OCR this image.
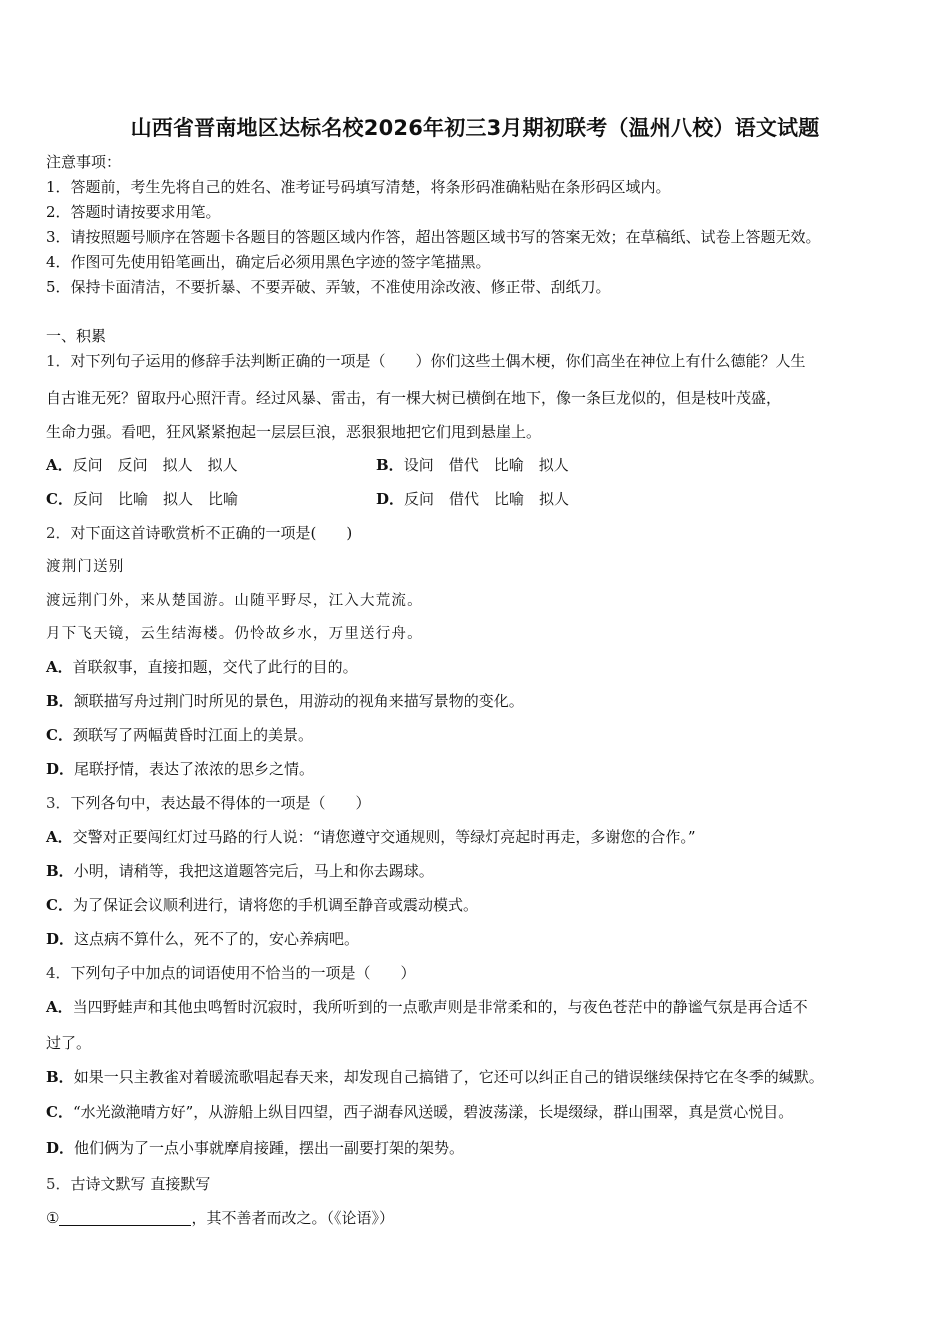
山西省晋南地区达标名校2026年初三3月期初联考（温州八校）语文试题
注意事项：
1．答题前，考生先将自己的姓名、准考证号码填写清楚，将条形码准确粘贴在条形码区域内。
2．答题时请按要求用笔。
3．请按照题号顺序在答题卡各题目的答题区域内作答，超出答题区域书写的答案无效；在草稿纸、试卷上答题无效。
4．作图可先使用铅笔画出，确定后必须用黑色字迹的签字笔描黑。
5．保持卡面清洁，不要折暴、不要弄破、弄皱，不准使用涂改液、修正带、刮纸刀。
一、积累
1．对下列句子运用的修辞手法判断正确的一项是（　　）你们这些土偶木梗，你们高坐在神位上有什么德能？人生
自古谁无死？留取丹心照汗青。经过风暴、雷击，有一棵大树已横倒在地下，像一条巨龙似的，但是枝叶茂盛，
生命力强。看吧，狂风紧紧抱起一层层巨浪，恶狠狠地把它们甩到悬崖上。
A．反问　反问　拟人　拟人	B．设问　借代　比喻　拟人
C．反问　比喻　拟人　比喻	D．反问　借代　比喻　拟人
2．对下面这首诗歌赏析不正确的一项是(　　)
渡荆门送别
渡远荆门外，来从楚国游。山随平野尽，江入大荒流。
月下飞天镜，云生结海楼。仍怜故乡水，万里送行舟。
A．首联叙事，直接扣题，交代了此行的目的。
B．颔联描写舟过荆门时所见的景色，用游动的视角来描写景物的变化。
C．颈联写了两幅黄昏时江面上的美景。
D．尾联抒情，表达了浓浓的思乡之情。
3．下列各句中，表达最不得体的一项是（　　）
A．交警对正要闯红灯过马路的行人说：“请您遵守交通规则，等绿灯亮起时再走，多谢您的合作。”
B．小明，请稍等，我把这道题答完后，马上和你去踢球。
C．为了保证会议顺利进行，请将您的手机调至静音或震动模式。
D．这点病不算什么，死不了的，安心养病吧。
4．下列句子中加点的词语使用不恰当的一项是（　　）
A．当四野蛙声和其他虫鸣暂时沉寂时，我所听到的一点歌声则是非常柔和的，与夜色苍茫中的静谧气氛是再合适不
过了。
B．如果一只主教雀对着暖流歌唱起春天来，却发现自己搞错了，它还可以纠正自己的错误继续保持它在冬季的缄默。
C．“水光潋滟晴方好”，从游船上纵目四望，西子湖春风送暖，碧波荡漾，长堤缀绿，群山围翠，真是赏心悦目。
D．他们俩为了一点小事就摩肩接踵，摆出一副要打架的架势。
5．古诗文默写 直接默写
①	，其不善者而改之。（《论语》）
